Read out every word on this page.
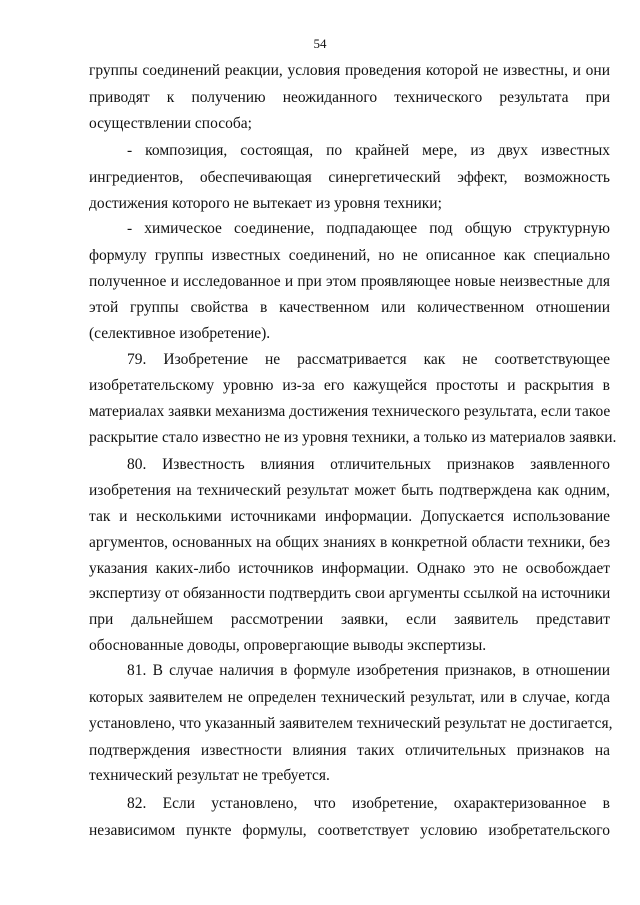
54
группы соединений реакции, условия проведения которой не известны, и они
приводят к получению неожиданного технического результата при
осуществлении способа;
- композиция, состоящая, по крайней мере, из двух известных
ингредиентов, обеспечивающая синергетический эффект, возможность
достижения которого не вытекает из уровня техники;
- химическое соединение, подпадающее под общую структурную
формулу группы известных соединений, но не описанное как специально
полученное и исследованное и при этом проявляющее новые неизвестные для
этой группы свойства в качественном или количественном отношении
(селективное изобретение).
79. Изобретение не рассматривается как не соответствующее
изобретательскому уровню из-за его кажущейся простоты и раскрытия в
материалах заявки механизма достижения технического результата, если такое
раскрытие стало известно не из уровня техники, а только из материалов заявки.
80. Известность влияния отличительных признаков заявленного
изобретения на технический результат может быть подтверждена как одним,
так и несколькими источниками информации. Допускается использование
аргументов, основанных на общих знаниях в конкретной области техники, без
указания каких-либо источников информации. Однако это не освобождает
экспертизу от обязанности подтвердить свои аргументы ссылкой на источники
при дальнейшем рассмотрении заявки, если заявитель представит
обоснованные доводы, опровергающие выводы экспертизы.
81. В случае наличия в формуле изобретения признаков, в отношении
которых заявителем не определен технический результат, или в случае, когда
установлено, что указанный заявителем технический результат не достигается,
подтверждения известности влияния таких отличительных признаков на
технический результат не требуется.
82. Если установлено, что изобретение, охарактеризованное в
независимом пункте формулы, соответствует условию изобретательского
